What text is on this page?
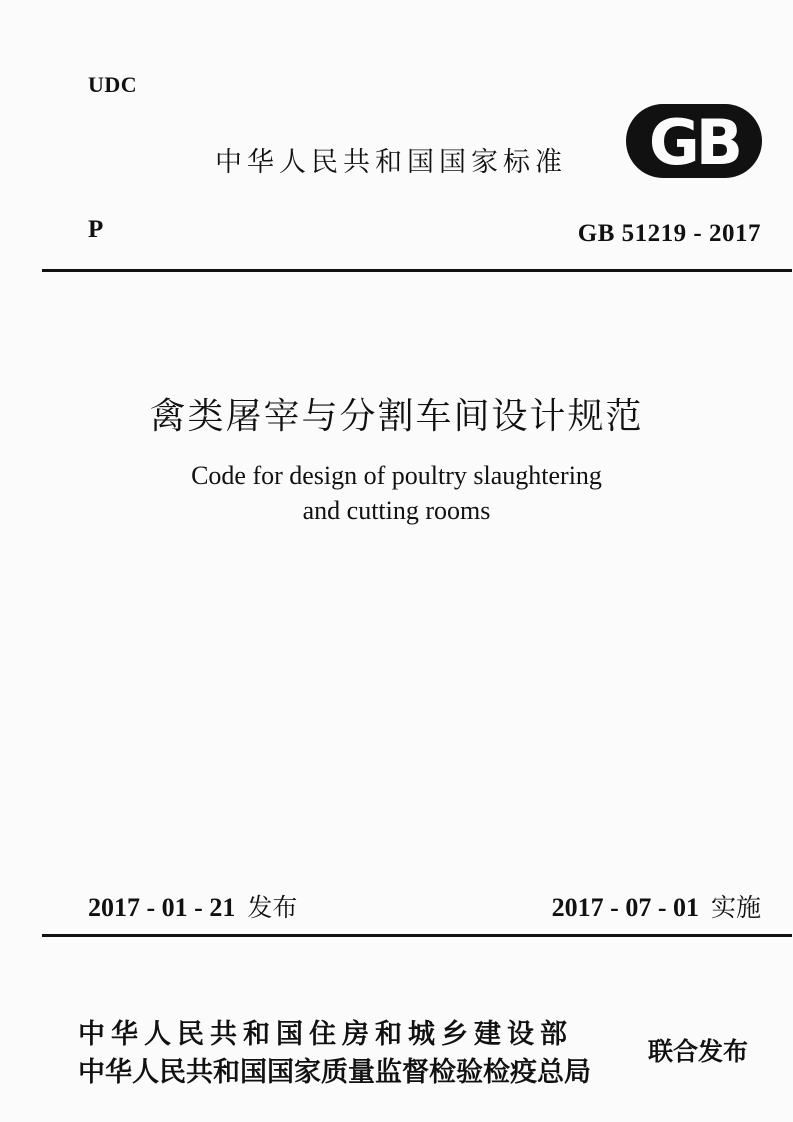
UDC
中华人民共和国国家标准 GB
P	GB 51219 - 2017
禽类屠宰与分割车间设计规范
Code for design of poultry slaughtering
and cutting rooms
2017 - 01 - 21 发布	2017 - 07 - 01 实施
中华人民共和国住房和城乡建设部
中华人民共和国国家质量监督检验检疫总局
联合发布
